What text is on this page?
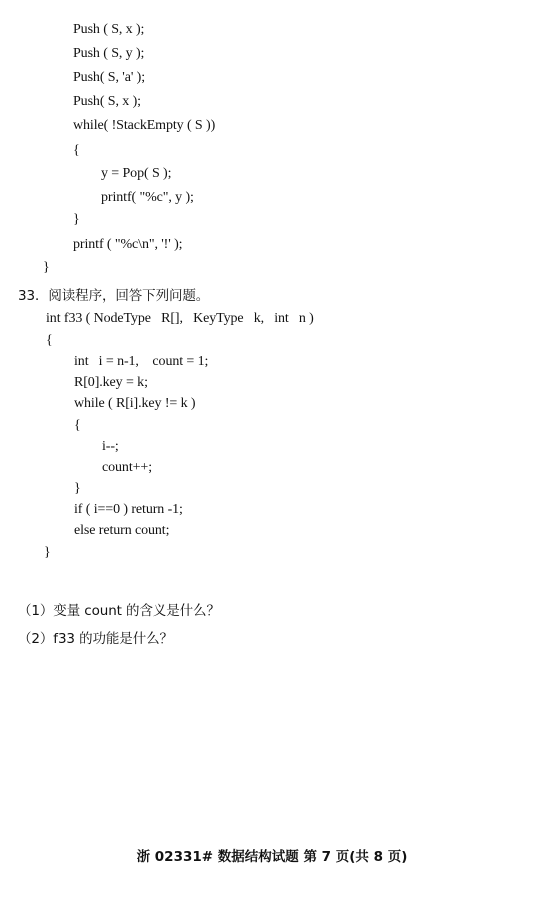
Push ( S, x );
Push ( S, y );
Push( S, 'a' );
Push( S, x );
while( !StackEmpty ( S ))
{
y = Pop( S );
printf( "%c", y );
}
printf ( "%c\n", '!' );
}
33．阅读程序，回答下列问题。
int f33 ( NodeType   R[],   KeyType   k,   int   n )
{
int   i = n-1,    count = 1;
R[0].key = k;
while ( R[i].key != k )
{
i--;
count++;
}
if ( i==0 ) return -1;
else return count;
}
（1）变量 count 的含义是什么？
（2）f33 的功能是什么？
浙 02331# 数据结构试题 第 7 页(共 8 页)
